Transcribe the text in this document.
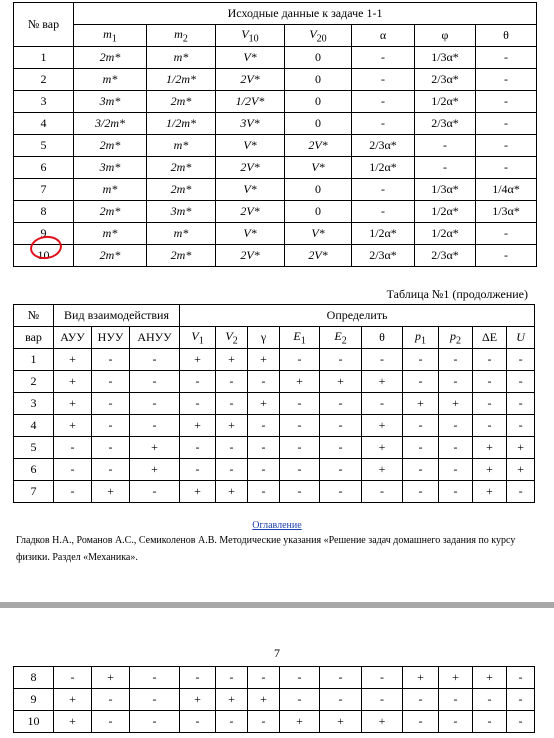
№ вар	Исходные данные к задаче 1-1						
	$m_1$	$m_2$	$V_{10}$	$V_{20}$	α	φ	θ
1	2m*	m*	V*	0	-	1/3α*	-
2	m*	1/2m*	2V*	0	-	2/3α*	-
3	3m*	2m*	1/2V*	0	-	1/2α*	-
4	3/2m*	1/2m*	3V*	0	-	2/3α*	-
5	2m*	m*	V*	2V*	2/3α*	-	-
6	3m*	2m*	2V*	V*	1/2α*	-	-
7	m*	2m*	V*	0	-	1/3α*	1/4α*
8	2m*	3m*	2V*	0	-	1/2α*	1/3α*
9	m*	m*	V*	V*	1/2α*	1/2α*	-
10	2m*	2m*	2V*	2V*	2/3α*	2/3α*	-
Таблица №1 (продолжение)
№	Вид взаимодействия			Определить									
вар	АУУ	НУУ	АНУУ	$V_1$	$V_2$	γ	$E_1$	$E_2$	θ	$p_1$	$p_2$	ΔE	U
1	+	-	-	+	+	+	-	-	-	-	-	-	-
2	+	-	-	-	-	-	+	+	+	-	-	-	-
3	+	-	-	-	-	+	-	-	-	+	+	-	-
4	+	-	-	+	+	-	-	-	+	-	-	-	-
5	-	-	+	-	-	-	-	-	+	-	-	+	+
6	-	-	+	-	-	-	-	-	+	-	-	+	+
7	-	+	-	+	+	-	-	-	-	-	-	+	-
Оглавление
Гладков Н.А., Романов А.С., Семиколенов А.В. Методические указания «Решение задач домашнего задания по курсу физики. Раздел «Механика».
7
8	-	+	-	-	-	-	-	-	-	+	+	+	-
9	+	-	-	+	+	+	-	-	-	-	-	-	-
10	+	-	-	-	-	-	+	+	+	-	-	-	-
